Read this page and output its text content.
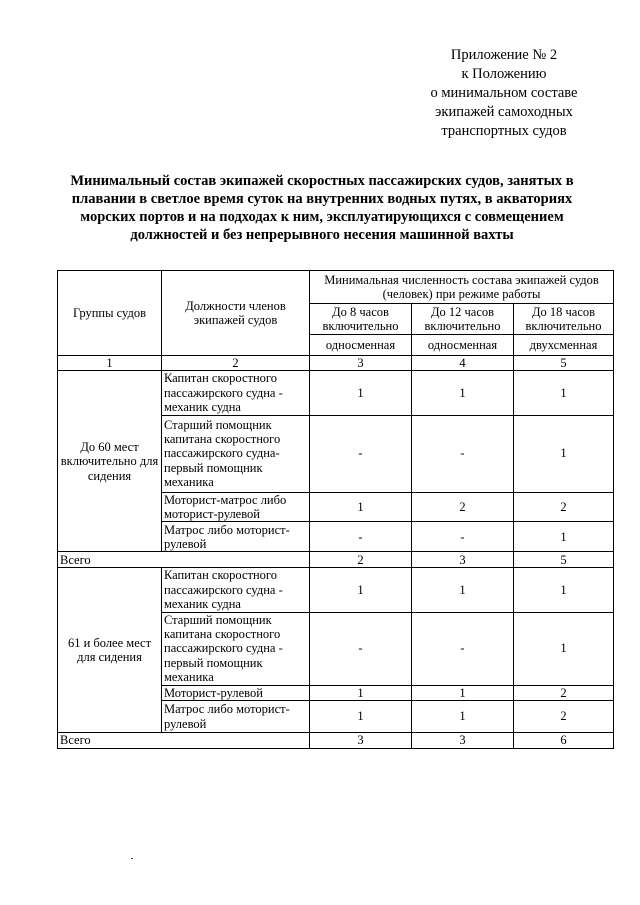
Приложение № 2
к Положению
о минимальном составе
экипажей самоходных
транспортных судов
Минимальный состав экипажей скоростных пассажирских судов, занятых в
плавании в светлое время суток на внутренних водных путях, в акваториях
морских портов и на подходах к ним, эксплуатирующихся с совмещением
должностей и без непрерывного несения машинной вахты
Группы судов	Должности членов экипажей судов	Минимальная численность состава экипажей судов (человек) при режиме работы		
		До 8 часов включительно	До 12 часов включительно	До 18 часов включительно
		односменная	односменная	двухсменная
1	2	3	4	5
До 60 мест включительно для сидения	Капитан скоростного пассажирского судна - механик судна	1	1	1
	Старший помощник капитана скоростного пассажирского судна- первый помощник механика	-	-	1
	Моторист-матрос либо моторист-рулевой	1	2	2
	Матрос либо моторист-рулевой	-	-	1
Всего		2	3	5
61 и более мест для сидения	Капитан скоростного пассажирского судна - механик судна	1	1	1
	Старший помощник капитана скоростного пассажирского судна - первый помощник механика	-	-	1
	Моторист-рулевой	1	1	2
	Матрос либо моторист-рулевой	1	1	2
Всего		3	3	6
